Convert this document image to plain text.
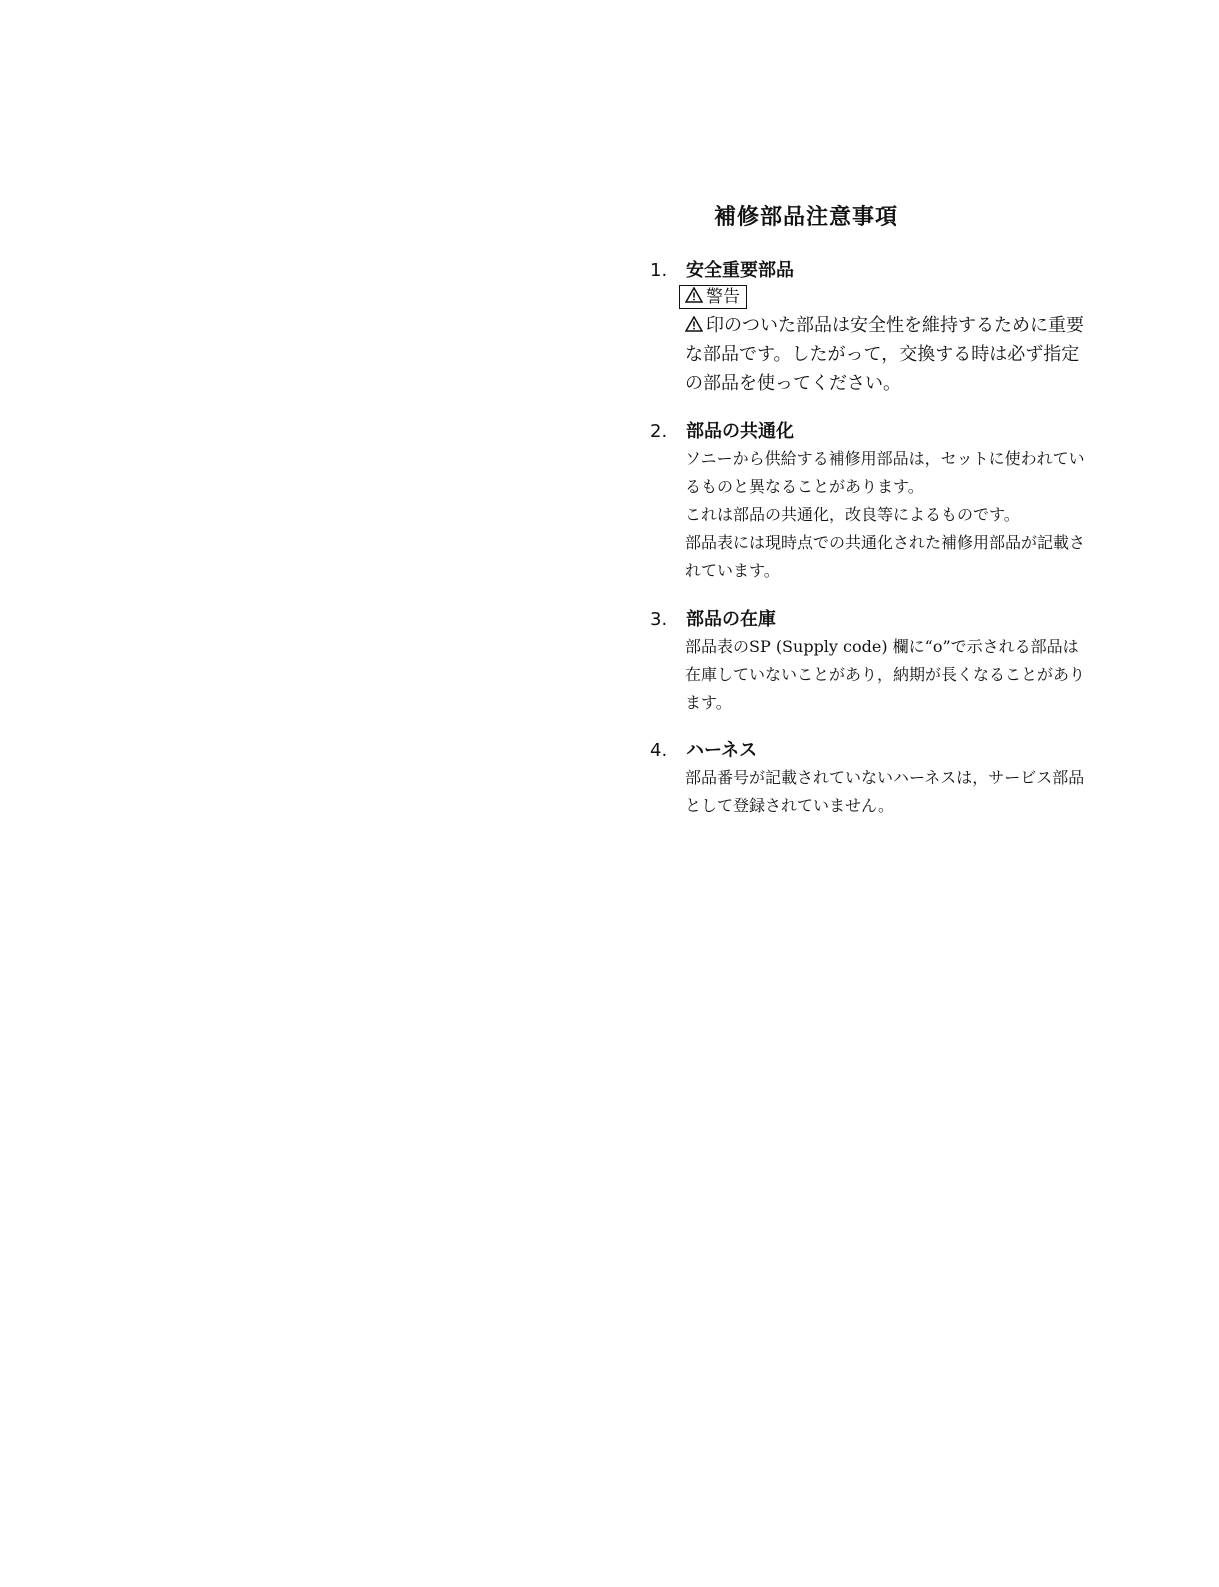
補修部品注意事項
1.	安全重要部品
警告
印のついた部品は安全性を維持するために重要
な部品です。したがって，交換する時は必ず指定
の部品を使ってください。
2.	部品の共通化
ソニーから供給する補修用部品は，セットに使われてい
るものと異なることがあります。
これは部品の共通化，改良等によるものです。
部品表には現時点での共通化された補修用部品が記載さ
れています。
3.	部品の在庫
部品表のSP (Supply code) 欄に“o”で示される部品は
在庫していないことがあり，納期が長くなることがあり
ます。
4.	ハーネス
部品番号が記載されていないハーネスは，サービス部品
として登録されていません。
